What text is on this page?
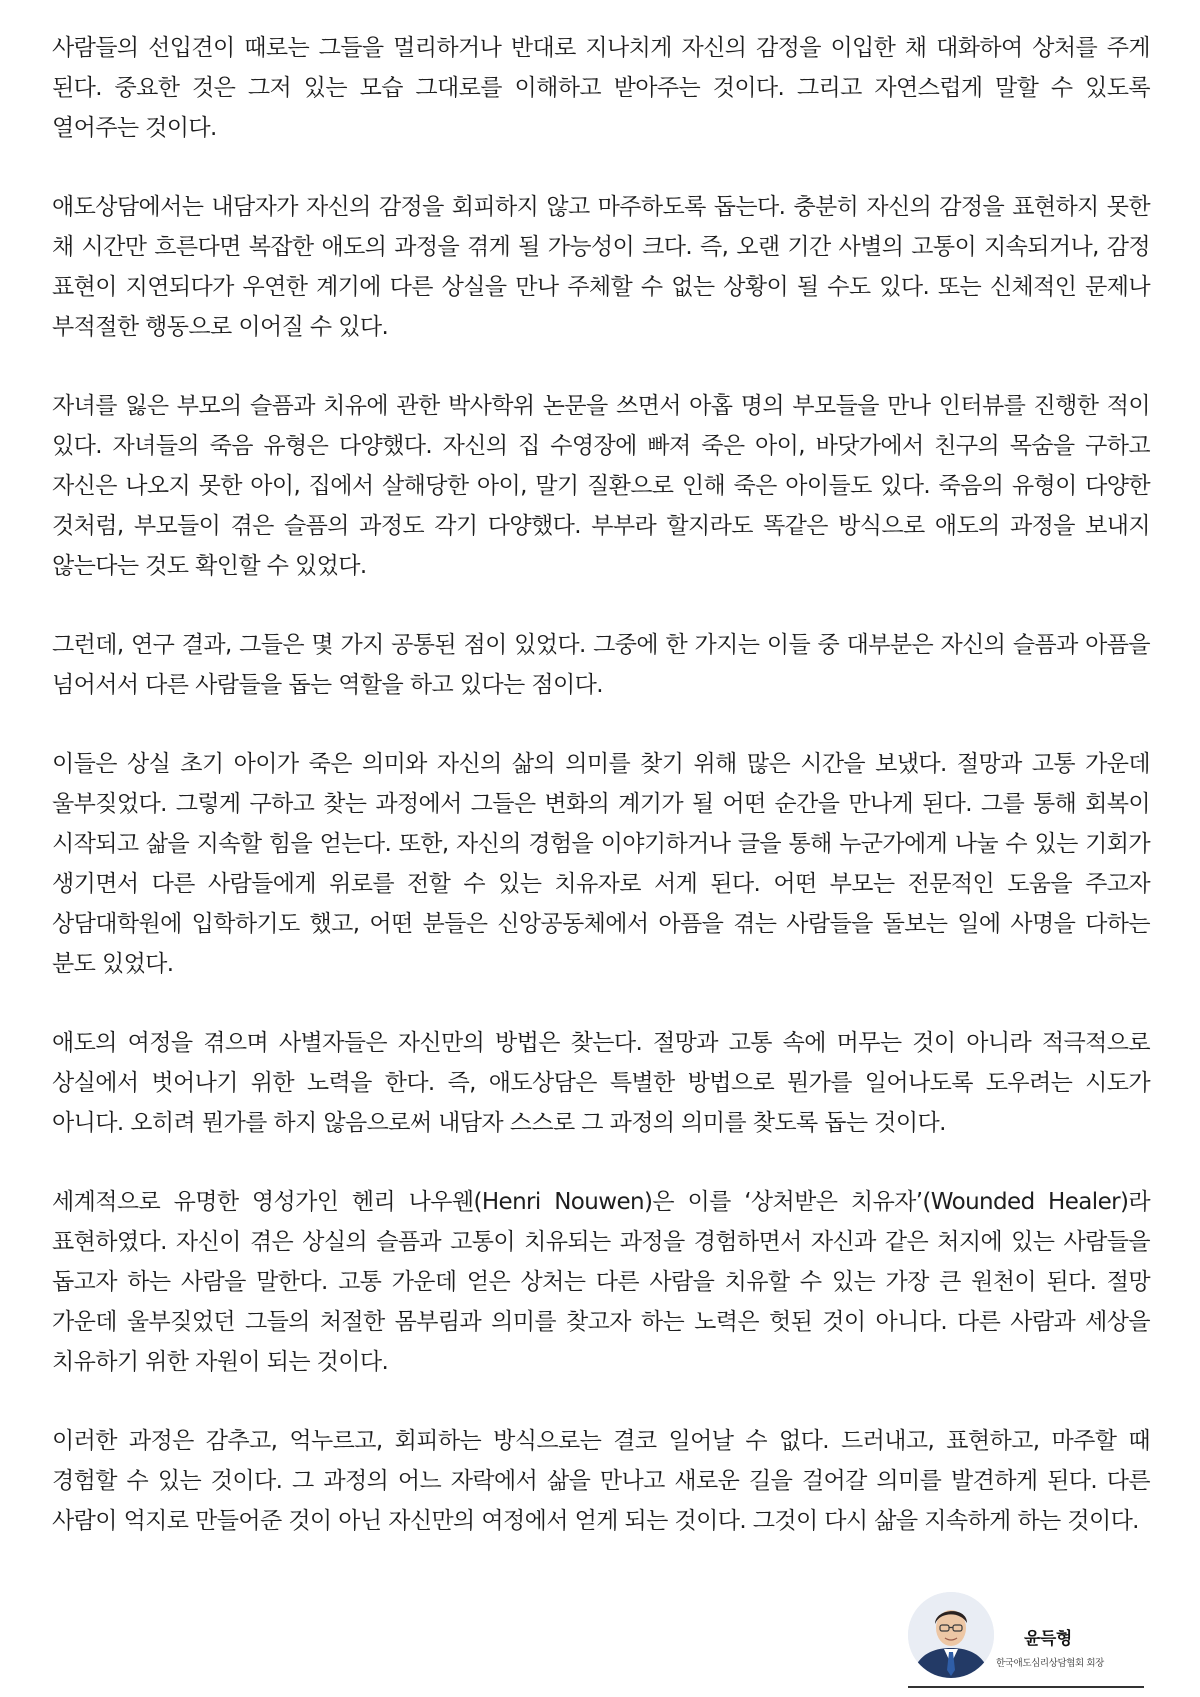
사람들의 선입견이 때로는 그들을 멀리하거나 반대로 지나치게 자신의 감정을 이입한 채 대화하여 상처를 주게 된다. 중요한 것은 그저 있는 모습 그대로를 이해하고 받아주는 것이다. 그리고 자연스럽게 말할 수 있도록 열어주는 것이다.

애도상담에서는 내담자가 자신의 감정을 회피하지 않고 마주하도록 돕는다. 충분히 자신의 감정을 표현하지 못한 채 시간만 흐른다면 복잡한 애도의 과정을 겪게 될 가능성이 크다. 즉, 오랜 기간 사별의 고통이 지속되거나, 감정 표현이 지연되다가 우연한 계기에 다른 상실을 만나 주체할 수 없는 상황이 될 수도 있다. 또는 신체적인 문제나 부적절한 행동으로 이어질 수 있다.

자녀를 잃은 부모의 슬픔과 치유에 관한 박사학위 논문을 쓰면서 아홉 명의 부모들을 만나 인터뷰를 진행한 적이 있다. 자녀들의 죽음 유형은 다양했다. 자신의 집 수영장에 빠져 죽은 아이, 바닷가에서 친구의 목숨을 구하고 자신은 나오지 못한 아이, 집에서 살해당한 아이, 말기 질환으로 인해 죽은 아이들도 있다. 죽음의 유형이 다양한 것처럼, 부모들이 겪은 슬픔의 과정도 각기 다양했다. 부부라 할지라도 똑같은 방식으로 애도의 과정을 보내지 않는다는 것도 확인할 수 있었다.

그런데, 연구 결과, 그들은 몇 가지 공통된 점이 있었다. 그중에 한 가지는 이들 중 대부분은 자신의 슬픔과 아픔을 넘어서서 다른 사람들을 돕는 역할을 하고 있다는 점이다.

이들은 상실 초기 아이가 죽은 의미와 자신의 삶의 의미를 찾기 위해 많은 시간을 보냈다. 절망과 고통 가운데 울부짖었다. 그렇게 구하고 찾는 과정에서 그들은 변화의 계기가 될 어떤 순간을 만나게 된다. 그를 통해 회복이 시작되고 삶을 지속할 힘을 얻는다. 또한, 자신의 경험을 이야기하거나 글을 통해 누군가에게 나눌 수 있는 기회가 생기면서 다른 사람들에게 위로를 전할 수 있는 치유자로 서게 된다. 어떤 부모는 전문적인 도움을 주고자 상담대학원에 입학하기도 했고, 어떤 분들은 신앙공동체에서 아픔을 겪는 사람들을 돌보는 일에 사명을 다하는 분도 있었다.

애도의 여정을 겪으며 사별자들은 자신만의 방법은 찾는다. 절망과 고통 속에 머무는 것이 아니라 적극적으로 상실에서 벗어나기 위한 노력을 한다. 즉, 애도상담은 특별한 방법으로 뭔가를 일어나도록 도우려는 시도가 아니다. 오히려 뭔가를 하지 않음으로써 내담자 스스로 그 과정의 의미를 찾도록 돕는 것이다.

세계적으로 유명한 영성가인 헨리 나우웬(Henri Nouwen)은 이를 ‘상처받은 치유자’(Wounded Healer)라 표현하였다. 자신이 겪은 상실의 슬픔과 고통이 치유되는 과정을 경험하면서 자신과 같은 처지에 있는 사람들을 돕고자 하는 사람을 말한다. 고통 가운데 얻은 상처는 다른 사람을 치유할 수 있는 가장 큰 원천이 된다. 절망 가운데 울부짖었던 그들의 처절한 몸부림과 의미를 찾고자 하는 노력은 헛된 것이 아니다. 다른 사람과 세상을 치유하기 위한 자원이 되는 것이다.

이러한 과정은 감추고, 억누르고, 회피하는 방식으로는 결코 일어날 수 없다. 드러내고, 표현하고, 마주할 때 경험할 수 있는 것이다. 그 과정의 어느 자락에서 삶을 만나고 새로운 길을 걸어갈 의미를 발견하게 된다. 다른 사람이 억지로 만들어준 것이 아닌 자신만의 여정에서 얻게 되는 것이다. 그것이 다시 삶을 지속하게 하는 것이다.

윤득형
한국애도심리상담협회 회장
